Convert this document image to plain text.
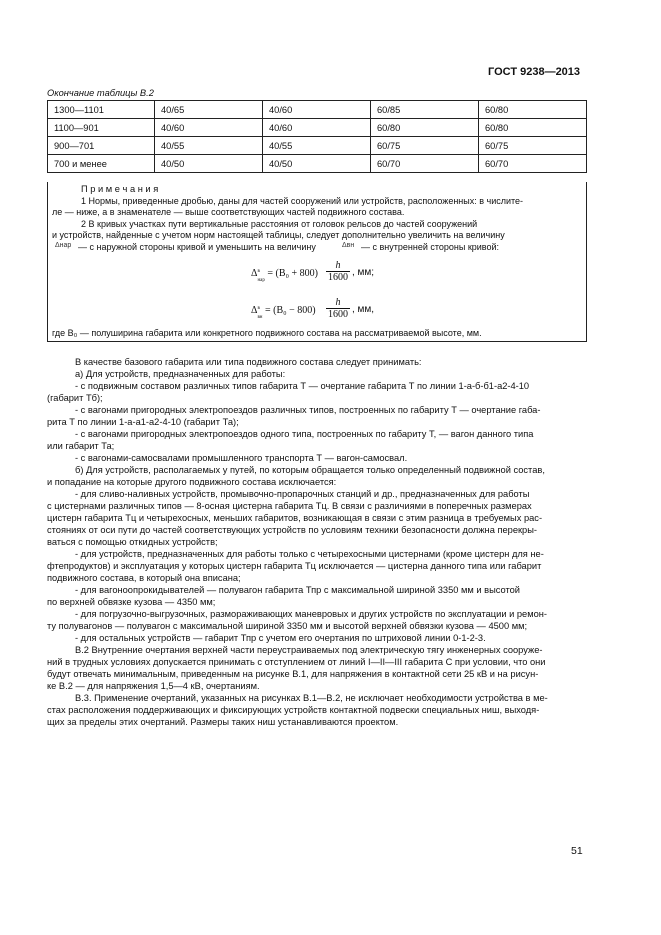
ГОСТ 9238—2013
Окончание таблицы В.2
1300—1101	40/65	40/60	60/85	60/80
1100—901	40/60	40/60	60/80	60/80
900—701	40/55	40/55	60/75	60/75
700 и менее	40/50	40/50	60/70	60/70
П р и м е ч а н и я
1 Нормы, приведенные дробью, даны для частей сооружений или устройств, расположенных: в числите-
ле — ниже, а в знаменателе — выше соответствующих частей подвижного состава.
2 В кривых участках пути вертикальные расстояния от головок рельсов до частей сооружений
и устройств, найденные с учетом норм настоящей таблицы, следует дополнительно увеличить на величину
Δнар — с наружной стороны кривой и уменьшить на величину	Δвн — с внутренней стороны кривой:
Δ в
$_{нар} = (B_0 + 800) \frac{h}{1600}$ , мм;
Δ в
$_{вн} = (B_0 - 800) \frac{h}{1600}$ , мм,
где B₀ — полуширина габарита или конкретного подвижного состава на рассматриваемой высоте, мм.
В качестве базового габарита или типа подвижного состава следует принимать:
а) Для устройств, предназначенных для работы:
- с подвижным составом различных типов габарита Т — очертание габарита Т по линии 1-а-б-б1-а2-4-10
(габарит Тб);
- с вагонами пригородных электропоездов различных типов, построенных по габариту Т — очертание габа-
рита Т по линии 1-а-а1-а2-4-10 (габарит Та);
- с вагонами пригородных электропоездов одного типа, построенных по габариту Т, — вагон данного типа
или габарит Та;
- с вагонами-самосвалами промышленного транспорта Т — вагон-самосвал.
б) Для устройств, располагаемых у путей, по которым обращается только определенный подвижной состав,
и попадание на которые другого подвижного состава исключается:
- для сливо-наливных устройств, промывочно-пропарочных станций и др., предназначенных для работы
с цистернами различных типов — 8-осная цистерна габарита Тц. В связи с различиями в поперечных размерах
цистерн габарита Тц и четырехосных, меньших габаритов, возникающая в связи с этим разница в требуемых рас-
стояниях от оси пути до частей соответствующих устройств по условиям техники безопасности должна перекры-
ваться с помощью откидных устройств;
- для устройств, предназначенных для работы только с четырехосными цистернами (кроме цистерн для не-
фтепродуктов) и эксплуатация у которых цистерн габарита Тц исключается — цистерна данного типа или габарит
подвижного состава, в который она вписана;
- для вагоноопрокидывателей — полувагон габарита Тпр с максимальной шириной 3350 мм и высотой
по верхней обвязке кузова — 4350 мм;
- для погрузочно-выгрузочных, размораживающих маневровых и других устройств по эксплуатации и ремон-
ту полувагонов — полувагон с максимальной шириной 3350 мм и высотой верхней обвязки кузова — 4500 мм;
- для остальных устройств — габарит Тпр с учетом его очертания по штриховой линии 0-1-2-3.
В.2 Внутренние очертания верхней части переустраиваемых под электрическую тягу инженерных сооруже-
ний в трудных условиях допускается принимать с отступлением от линий I—II—III габарита С при условии, что они
будут отвечать минимальным, приведенным на рисунке В.1, для напряжения в контактной сети 25 кВ и на рисун-
ке В.2 — для напряжения 1,5—4 кВ, очертаниям.
В.3. Применение очертаний, указанных на рисунках В.1—В.2, не исключает необходимости устройства в ме-
стах расположения поддерживающих и фиксирующих устройств контактной подвески специальных ниш, выходя-
щих за пределы этих очертаний. Размеры таких ниш устанавливаются проектом.
51
